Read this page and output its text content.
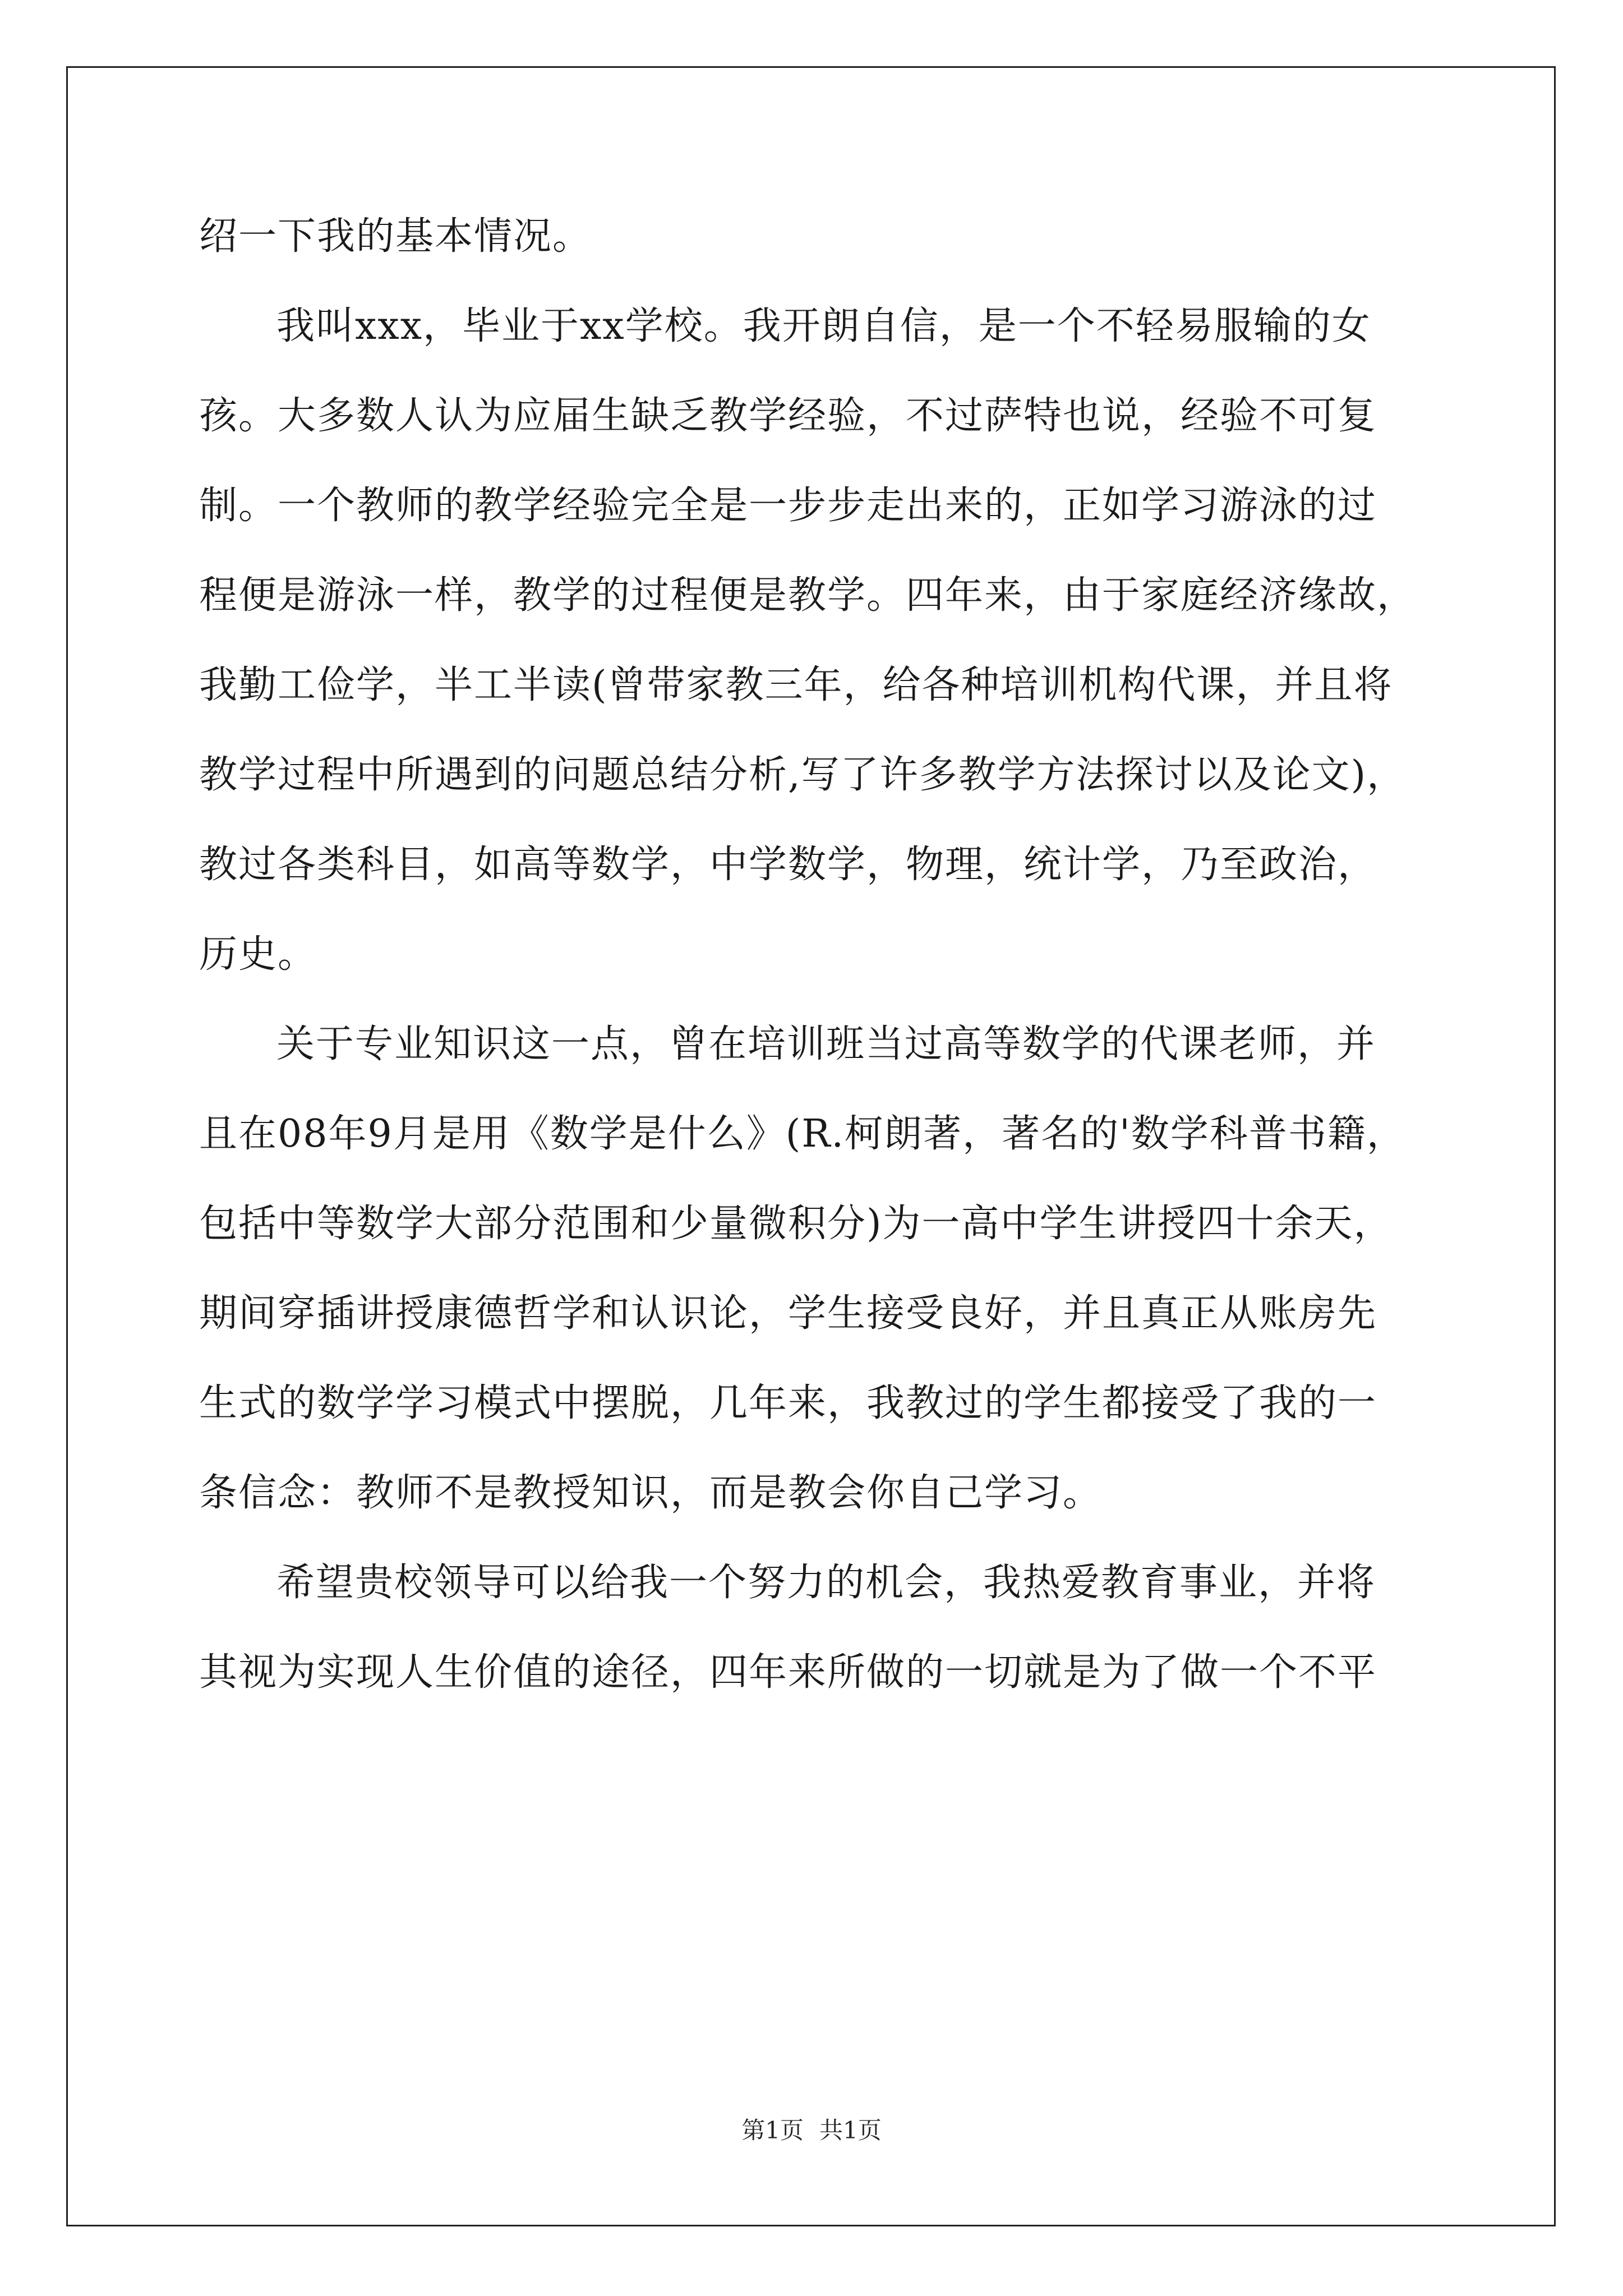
绍一下我的基本情况。
我叫xxx，毕业于xx学校。我开朗自信，是一个不轻易服输的女
孩。大多数人认为应届生缺乏教学经验，不过萨特也说，经验不可复
制。一个教师的教学经验完全是一步步走出来的，正如学习游泳的过
程便是游泳一样，教学的过程便是教学。四年来，由于家庭经济缘故，
我勤工俭学，半工半读(曾带家教三年，给各种培训机构代课，并且将
教学过程中所遇到的问题总结分析,写了许多教学方法探讨以及论文)，
教过各类科目，如高等数学，中学数学，物理，统计学，乃至政治，
历史。
关于专业知识这一点，曾在培训班当过高等数学的代课老师，并
且在08年9月是用《数学是什么》(R.柯朗著，著名的'数学科普书籍，
包括中等数学大部分范围和少量微积分)为一高中学生讲授四十余天，
期间穿插讲授康德哲学和认识论，学生接受良好，并且真正从账房先
生式的数学学习模式中摆脱，几年来，我教过的学生都接受了我的一
条信念：教师不是教授知识，而是教会你自己学习。
希望贵校领导可以给我一个努力的机会，我热爱教育事业，并将
其视为实现人生价值的途径，四年来所做的一切就是为了做一个不平
第1页 共1页
